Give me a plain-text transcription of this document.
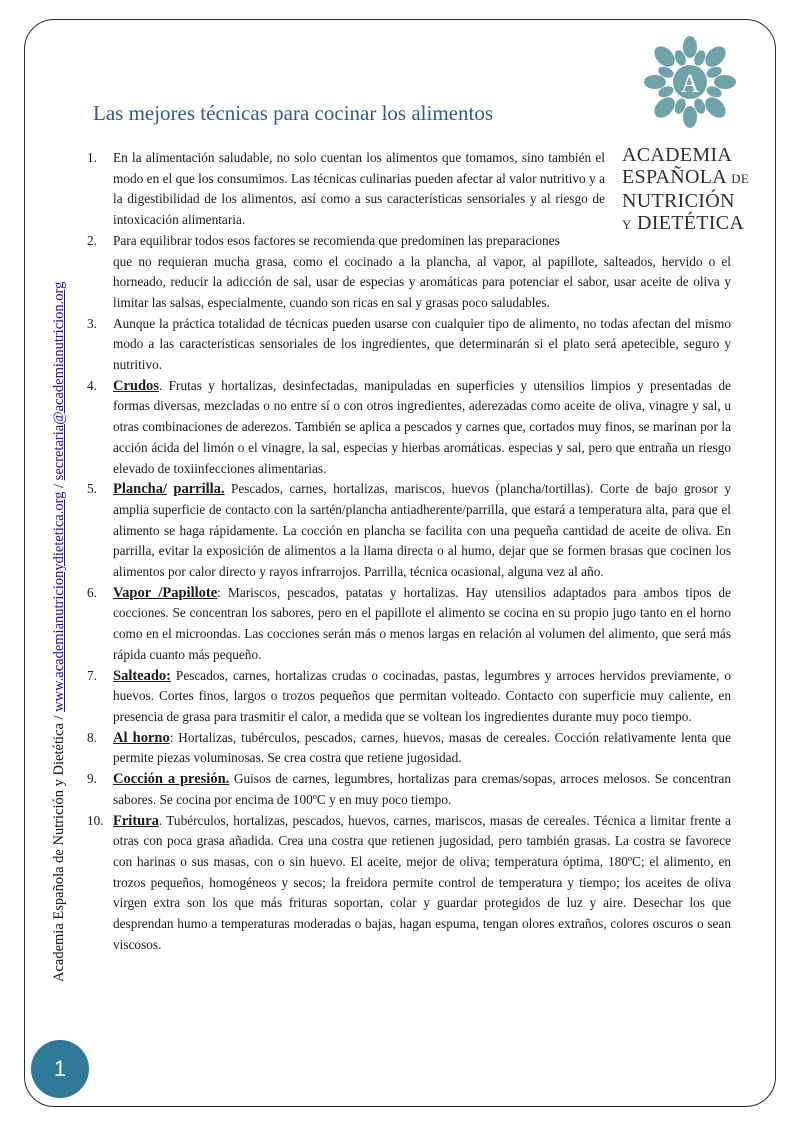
Academia Española de Nutrición y Dietética / www.academianutricionydietetica.org / secretaria@academianutricion.org
Las mejores técnicas para cocinar los alimentos
A
ACADEMIA
ESPAÑOLA DE
NUTRICIÓN
Y DIETÉTICA
1.	En la alimentación saludable, no solo cuentan los alimentos que tomamos, sino también el modo en el que los consumimos. Las técnicas culinarias pueden afectar al valor nutritivo y a la digestibilidad de los alimentos, así como a sus características sensoriales y al riesgo de intoxicación alimentaria.
2.	Para equilibrar todos esos factores se recomienda que predominen las preparaciones
que no requieran mucha grasa, como el cocinado a la plancha, al vapor, al papillote, salteados, hervido o el horneado, reducir la adicción de sal, usar de especias y aromáticas para potenciar el sabor, usar aceite de oliva y limitar las salsas, especialmente, cuando son ricas en sal y grasas poco saludables.
3.	Aunque la práctica totalidad de técnicas pueden usarse con cualquier tipo de alimento, no todas afectan del mismo modo a las características sensoriales de los ingredientes, que determinarán si el plato será apetecible, seguro y nutritivo.
4.	Crudos. Frutas y hortalizas, desinfectadas, manipuladas en superficies y utensilios limpios y presentadas de formas diversas, mezcladas o no entre sí o con otros ingredientes, aderezadas como aceite de oliva, vinagre y sal, u otras combinaciones de aderezos. También se aplica a pescados y carnes que, cortados muy finos, se marinan por la acción ácida del limón o el vinagre, la sal, especias y hierbas aromáticas. especias y sal, pero que entraña un riesgo elevado de toxiinfecciones alimentarias.
5.	Plancha/ parrilla. Pescados, carnes, hortalizas, mariscos, huevos (plancha/tortillas). Corte de bajo grosor y amplia superficie de contacto con la sartén/plancha antiadherente/parrilla, que estará a temperatura alta, para que el alimento se haga rápidamente. La cocción en plancha se facilita con una pequeña cantidad de aceite de oliva. En parrilla, evitar la exposición de alimentos a la llama directa o al humo, dejar que se formen brasas que cocinen los alimentos por calor directo y rayos infrarrojos. Parrilla, técnica ocasional, alguna vez al año.
6.	Vapor /Papillote: Mariscos, pescados, patatas y hortalizas. Hay utensilios adaptados para ambos tipos de cocciones. Se concentran los sabores, pero en el papillote el alimento se cocina en su propio jugo tanto en el horno como en el microondas. Las cocciones serán más o menos largas en relación al volumen del alimento, que será más rápida cuanto más pequeño.
7.	Salteado: Pescados, carnes, hortalizas crudas o cocinadas, pastas, legumbres y arroces hervidos previamente, o huevos. Cortes finos, largos o trozos pequeños que permitan volteado. Contacto con superficie muy caliente, en presencia de grasa para trasmitir el calor, a medida que se voltean los ingredientes durante muy poco tiempo.
8.	Al horno: Hortalizas, tubérculos, pescados, carnes, huevos, masas de cereales. Cocción relativamente lenta que permite piezas voluminosas. Se crea costra que retiene jugosidad.
9.	Cocción a presión. Guisos de carnes, legumbres, hortalizas para cremas/sopas, arroces melosos. Se concentran sabores. Se cocina por encima de 100ºC y en muy poco tiempo.
10. Fritura. Tubérculos, hortalizas, pescados, huevos, carnes, mariscos, masas de cereales. Técnica a limitar frente a otras con poca grasa añadida. Crea una costra que retienen jugosidad, pero también grasas. La costra se favorece con harinas o sus masas, con o sin huevo. El aceite, mejor de oliva; temperatura óptima, 180ºC; el alimento, en trozos pequeños, homogéneos y secos; la freidora permite control de temperatura y tiempo; los aceites de oliva virgen extra son los que más frituras soportan, colar y guardar protegidos de luz y aire. Desechar los que desprendan humo a temperaturas moderadas o bajas, hagan espuma, tengan olores extraños, colores oscuros o sean viscosos.
1
